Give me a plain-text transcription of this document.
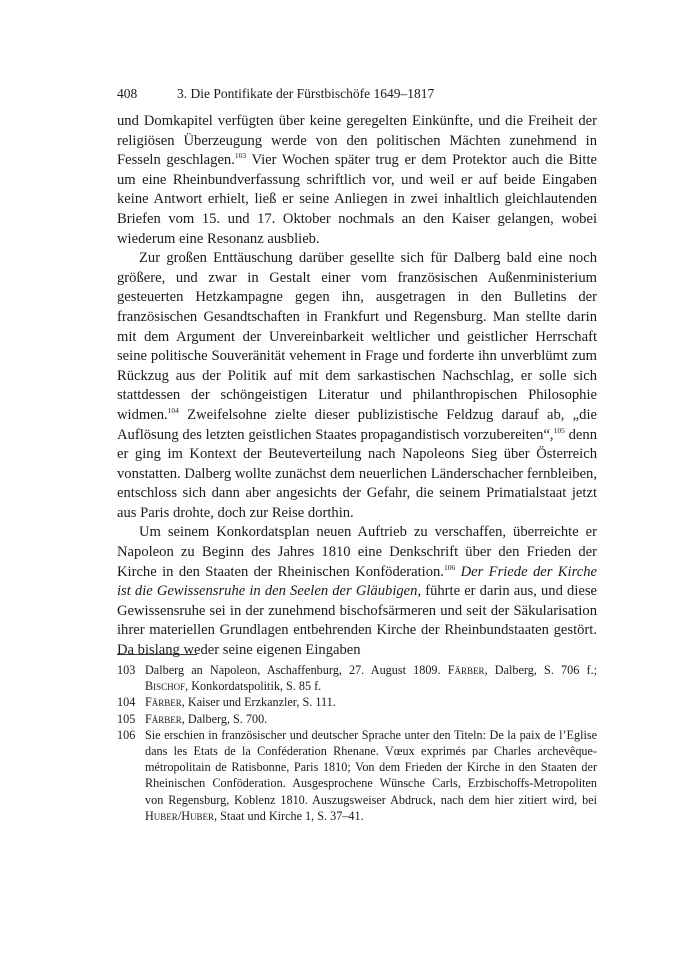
408	3. Die Pontifikate der Fürstbischöfe 1649–1817

und Domkapitel verfügten über keine geregelten Einkünfte, und die Freiheit der religiösen Überzeugung werde von den politischen Mächten zunehmend in Fesseln geschlagen.$^{103}$ Vier Wochen später trug er dem Protektor auch die Bitte um eine Rheinbundverfassung schriftlich vor, und weil er auf beide Eingaben keine Antwort erhielt, ließ er seine Anliegen in zwei inhaltlich gleichlautenden Briefen vom 15. und 17. Oktober nochmals an den Kaiser gelangen, wobei wiederum eine Resonanz ausblieb.

Zur großen Enttäuschung darüber gesellte sich für Dalberg bald eine noch größere, und zwar in Gestalt einer vom französischen Außenministerium gesteuerten Hetzkampagne gegen ihn, ausgetragen in den Bulletins der französischen Gesandtschaften in Frankfurt und Regensburg. Man stellte darin mit dem Argument der Unvereinbarkeit weltlicher und geistlicher Herrschaft seine politische Souveränität vehement in Frage und forderte ihn unverblümt zum Rückzug aus der Politik auf mit dem sarkastischen Nachschlag, er solle sich stattdessen der schöngeistigen Literatur und philanthropischen Philosophie widmen.$^{104}$ Zweifelsohne zielte dieser publizistische Feldzug darauf ab, „die Auflösung des letzten geistlichen Staates propagandistisch vorzubereiten“,$^{105}$ denn er ging im Kontext der Beuteverteilung nach Napoleons Sieg über Österreich vonstatten. Dalberg wollte zunächst dem neuerlichen Länderschacher fernbleiben, entschloss sich dann aber angesichts der Gefahr, die seinem Primatialstaat jetzt aus Paris drohte, doch zur Reise dorthin.

Um seinem Konkordatsplan neuen Auftrieb zu verschaffen, überreichte er Napoleon zu Beginn des Jahres 1810 eine Denkschrift über den Frieden der Kirche in den Staaten der Rheinischen Konföderation.$^{106}$ Der Friede der Kirche ist die Gewissensruhe in den Seelen der Gläubigen, führte er darin aus, und diese Gewissensruhe sei in der zunehmend bischofsärmeren und seit der Säkularisation ihrer materiellen Grundlagen entbehrenden Kirche der Rheinbundstaaten gestört. Da bislang weder seine eigenen Eingaben

103 Dalberg an Napoleon, Aschaffenburg, 27. August 1809. Färber, Dalberg, S. 706 f.; Bischof, Konkordatspolitik, S. 85 f.
104 Färber, Kaiser und Erzkanzler, S. 111.
105 Färber, Dalberg, S. 700.
106 Sie erschien in französischer und deutscher Sprache unter den Titeln: De la paix de l’Eglise dans les Etats de la Conféderation Rhenane. Vœux exprimés par Charles archevêque-métropolitain de Ratisbonne, Paris 1810; Von dem Frieden der Kirche in den Staaten der Rheinischen Conföderation. Ausgesprochene Wünsche Carls, Erzbischoffs-Metropoliten von Regensburg, Koblenz 1810. Auszugsweiser Abdruck, nach dem hier zitiert wird, bei Huber/Huber, Staat und Kirche 1, S. 37–41.
